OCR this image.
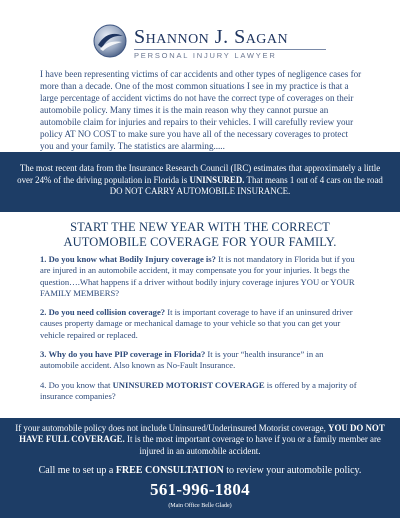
Shannon J. Sagan
PERSONAL INJURY LAWYER

I have been representing victims of car accidents and other types of negligence cases for more than a decade. One of the most common situations I see in my practice is that a large percentage of accident victims do not have the correct type of coverages on their automobile policy. Many times it is the main reason why they cannot pursue an automobile claim for injuries and repairs to their vehicles. I will carefully review your policy AT NO COST to make sure you have all of the necessary coverages to protect you and your family. The statistics are alarming.....

The most recent data from the Insurance Research Council (IRC) estimates that approximately a little over 24% of the driving population in Florida is UNINSURED. That means 1 out of 4 cars on the road DO NOT CARRY AUTOMOBILE INSURANCE.

START THE NEW YEAR WITH THE CORRECT
AUTOMOBILE COVERAGE FOR YOUR FAMILY.

1. Do you know what Bodily Injury coverage is? It is not mandatory in Florida but if you are injured in an automobile accident, it may compensate you for your injuries. It begs the question….What happens if a driver without bodily injury coverage injures YOU or YOUR FAMILY MEMBERS?

2. Do you need collision coverage? It is important coverage to have if an uninsured driver causes property damage or mechanical damage to your vehicle so that you can get your vehicle repaired or replaced.

3. Why do you have PIP coverage in Florida? It is your “health insurance” in an automobile accident. Also known as No-Fault Insurance.

4. Do you know that UNINSURED MOTORIST COVERAGE is offered by a majority of insurance companies?

If your automobile policy does not include Uninsured/Underinsured Motorist coverage, YOU DO NOT HAVE FULL COVERAGE. It is the most important coverage to have if you or a family member are injured in an automobile accident.

Call me to set up a FREE CONSULTATION to review your automobile policy.

561-996-1804
(Main Office Belle Glade)
